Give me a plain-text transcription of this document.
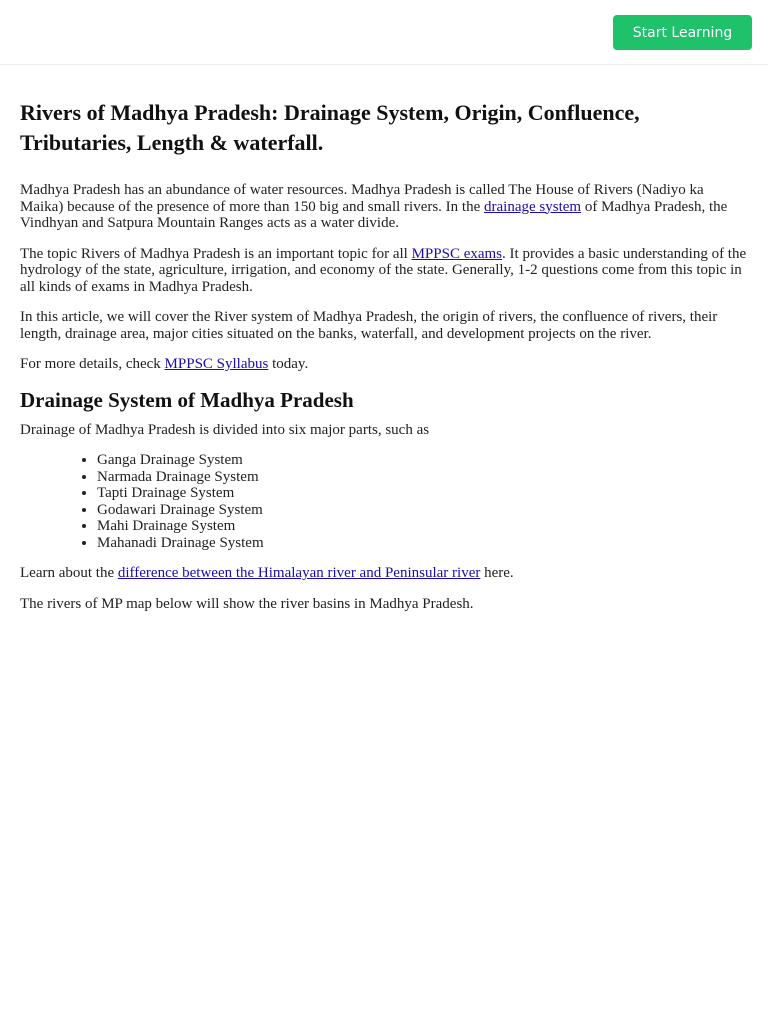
Start Learning
Rivers of Madhya Pradesh: Drainage System, Origin, Confluence, Tributaries, Length & waterfall.

Madhya Pradesh has an abundance of water resources. Madhya Pradesh is called The House of Rivers (Nadiyo ka Maika) because of the presence of more than 150 big and small rivers. In the drainage system of Madhya Pradesh, the Vindhyan and Satpura Mountain Ranges acts as a water divide.

The topic Rivers of Madhya Pradesh is an important topic for all MPPSC exams. It provides a basic understanding of the hydrology of the state, agriculture, irrigation, and economy of the state. Generally, 1-2 questions come from this topic in all kinds of exams in Madhya Pradesh.

In this article, we will cover the River system of Madhya Pradesh, the origin of rivers, the confluence of rivers, their length, drainage area, major cities situated on the banks, waterfall, and development projects on the river.

For more details, check MPPSC Syllabus today.

Drainage System of Madhya Pradesh

Drainage of Madhya Pradesh is divided into six major parts, such as

• Ganga Drainage System
• Narmada Drainage System
• Tapti Drainage System
• Godawari Drainage System
• Mahi Drainage System
• Mahanadi Drainage System

Learn about the difference between the Himalayan river and Peninsular river here.

The rivers of MP map below will show the river basins in Madhya Pradesh.
